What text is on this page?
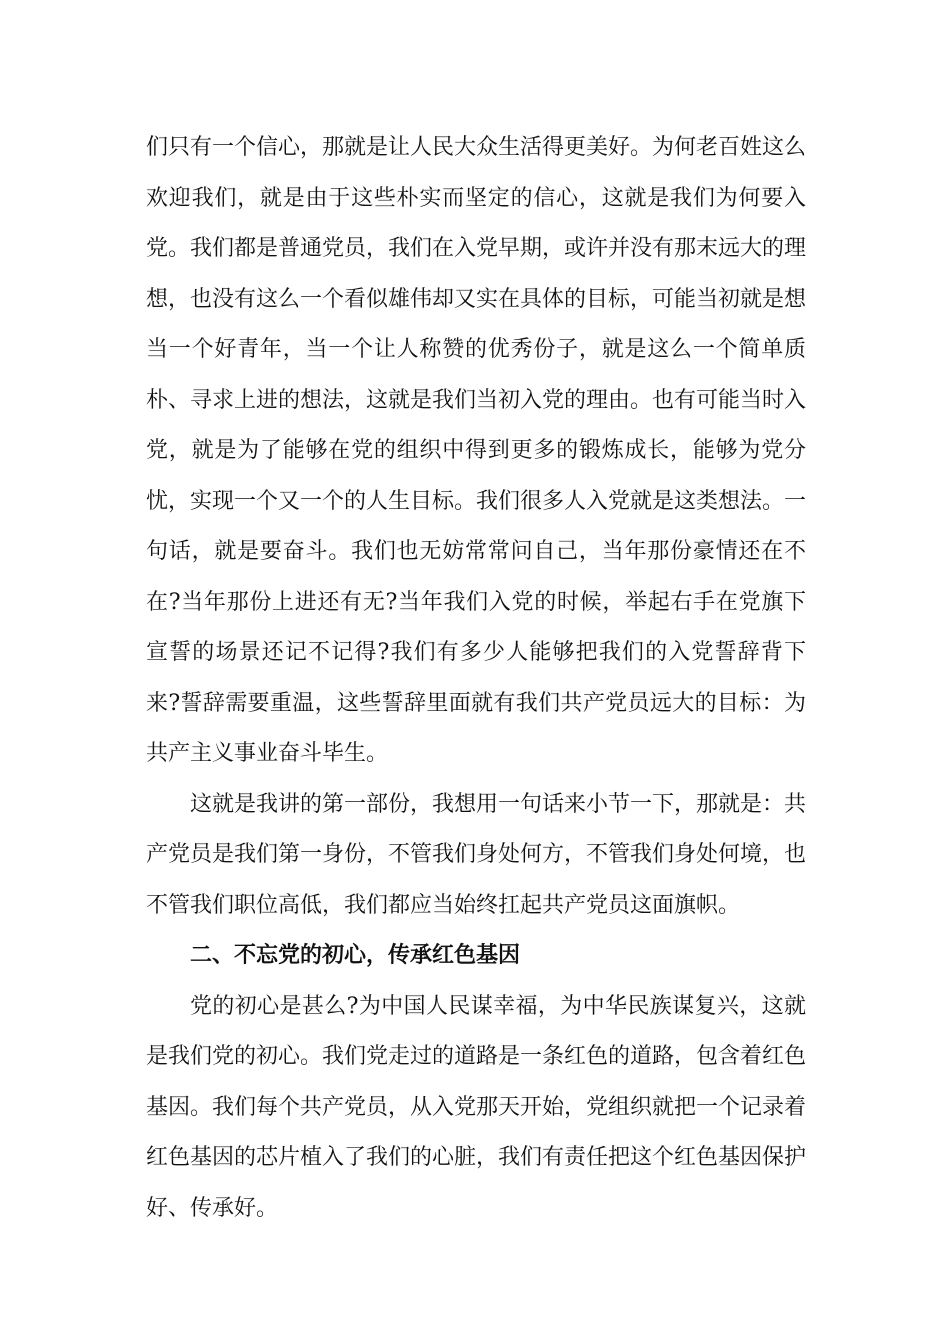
们只有一个信心，那就是让人民大众生活得更美好。为何老百姓这么欢迎我们，就是由于这些朴实而坚定的信心，这就是我们为何要入党。我们都是普通党员，我们在入党早期，或许并没有那末远大的理想，也没有这么一个看似雄伟却又实在具体的目标，可能当初就是想当一个好青年，当一个让人称赞的优秀份子，就是这么一个简单质朴、寻求上进的想法，这就是我们当初入党的理由。也有可能当时入党，就是为了能够在党的组织中得到更多的锻炼成长，能够为党分忧，实现一个又一个的人生目标。我们很多人入党就是这类想法。一句话，就是要奋斗。我们也无妨常常问自己，当年那份豪情还在不在?当年那份上进还有无?当年我们入党的时候，举起右手在党旗下宣誓的场景还记不记得?我们有多少人能够把我们的入党誓辞背下来?誓辞需要重温，这些誓辞里面就有我们共产党员远大的目标：为共产主义事业奋斗毕生。

这就是我讲的第一部份，我想用一句话来小节一下，那就是：共产党员是我们第一身份，不管我们身处何方，不管我们身处何境，也不管我们职位高低，我们都应当始终扛起共产党员这面旗帜。

二、不忘党的初心，传承红色基因

党的初心是甚么?为中国人民谋幸福，为中华民族谋复兴，这就是我们党的初心。我们党走过的道路是一条红色的道路，包含着红色基因。我们每个共产党员，从入党那天开始，党组织就把一个记录着红色基因的芯片植入了我们的心脏，我们有责任把这个红色基因保护好、传承好。
